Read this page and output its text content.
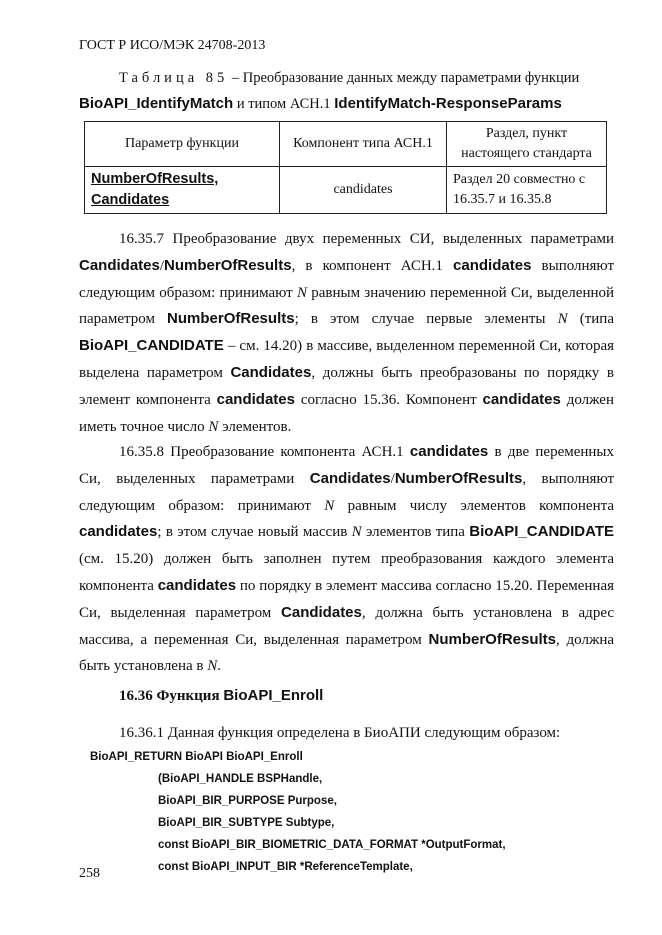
ГОСТ Р ИСО/МЭК 24708-2013
Таблица 85 – Преобразование данных между параметрами функции
BioAPI_IdentifyMatch и типом АСН.1 IdentifyMatch-ResponseParams
Параметр функции	Компонент типа АСН.1	Раздел, пункт настоящего стандарта
NumberOfResults, Candidates	candidates	Раздел 20 совместно с 16.35.7 и 16.35.8
16.35.7 Преобразование двух переменных СИ, выделенных параметрами Candidates/NumberOfResults, в компонент АСН.1 candidates выполняют следующим образом: принимают N равным значению переменной Си, выделенной параметром NumberOfResults; в этом случае первые элементы N (типа BioAPI_CANDIDATE – см. 14.20) в массиве, выделенном переменной Си, которая выделена параметром Candidates, должны быть преобразованы по порядку в элемент компонента candidates согласно 15.36. Компонент candidates должен иметь точное число N элементов.
16.35.8 Преобразование компонента АСН.1 candidates в две переменных Си, выделенных параметрами Candidates/NumberOfResults, выполняют следующим образом: принимают N равным числу элементов компонента candidates; в этом случае новый массив N элементов типа BioAPI_CANDIDATE (см. 15.20) должен быть заполнен путем преобразования каждого элемента компонента candidates по порядку в элемент массива согласно 15.20. Переменная Си, выделенная параметром Candidates, должна быть установлена в адрес массива, а переменная Си, выделенная параметром NumberOfResults, должна быть установлена в N.
16.36 Функция BioAPI_Enroll
16.36.1 Данная функция определена в БиоАПИ следующим образом:
BioAPI_RETURN BioAPI BioAPI_Enroll
(BioAPI_HANDLE BSPHandle,
BioAPI_BIR_PURPOSE Purpose,
BioAPI_BIR_SUBTYPE Subtype,
const BioAPI_BIR_BIOMETRIC_DATA_FORMAT *OutputFormat,
const BioAPI_INPUT_BIR *ReferenceTemplate,
258
